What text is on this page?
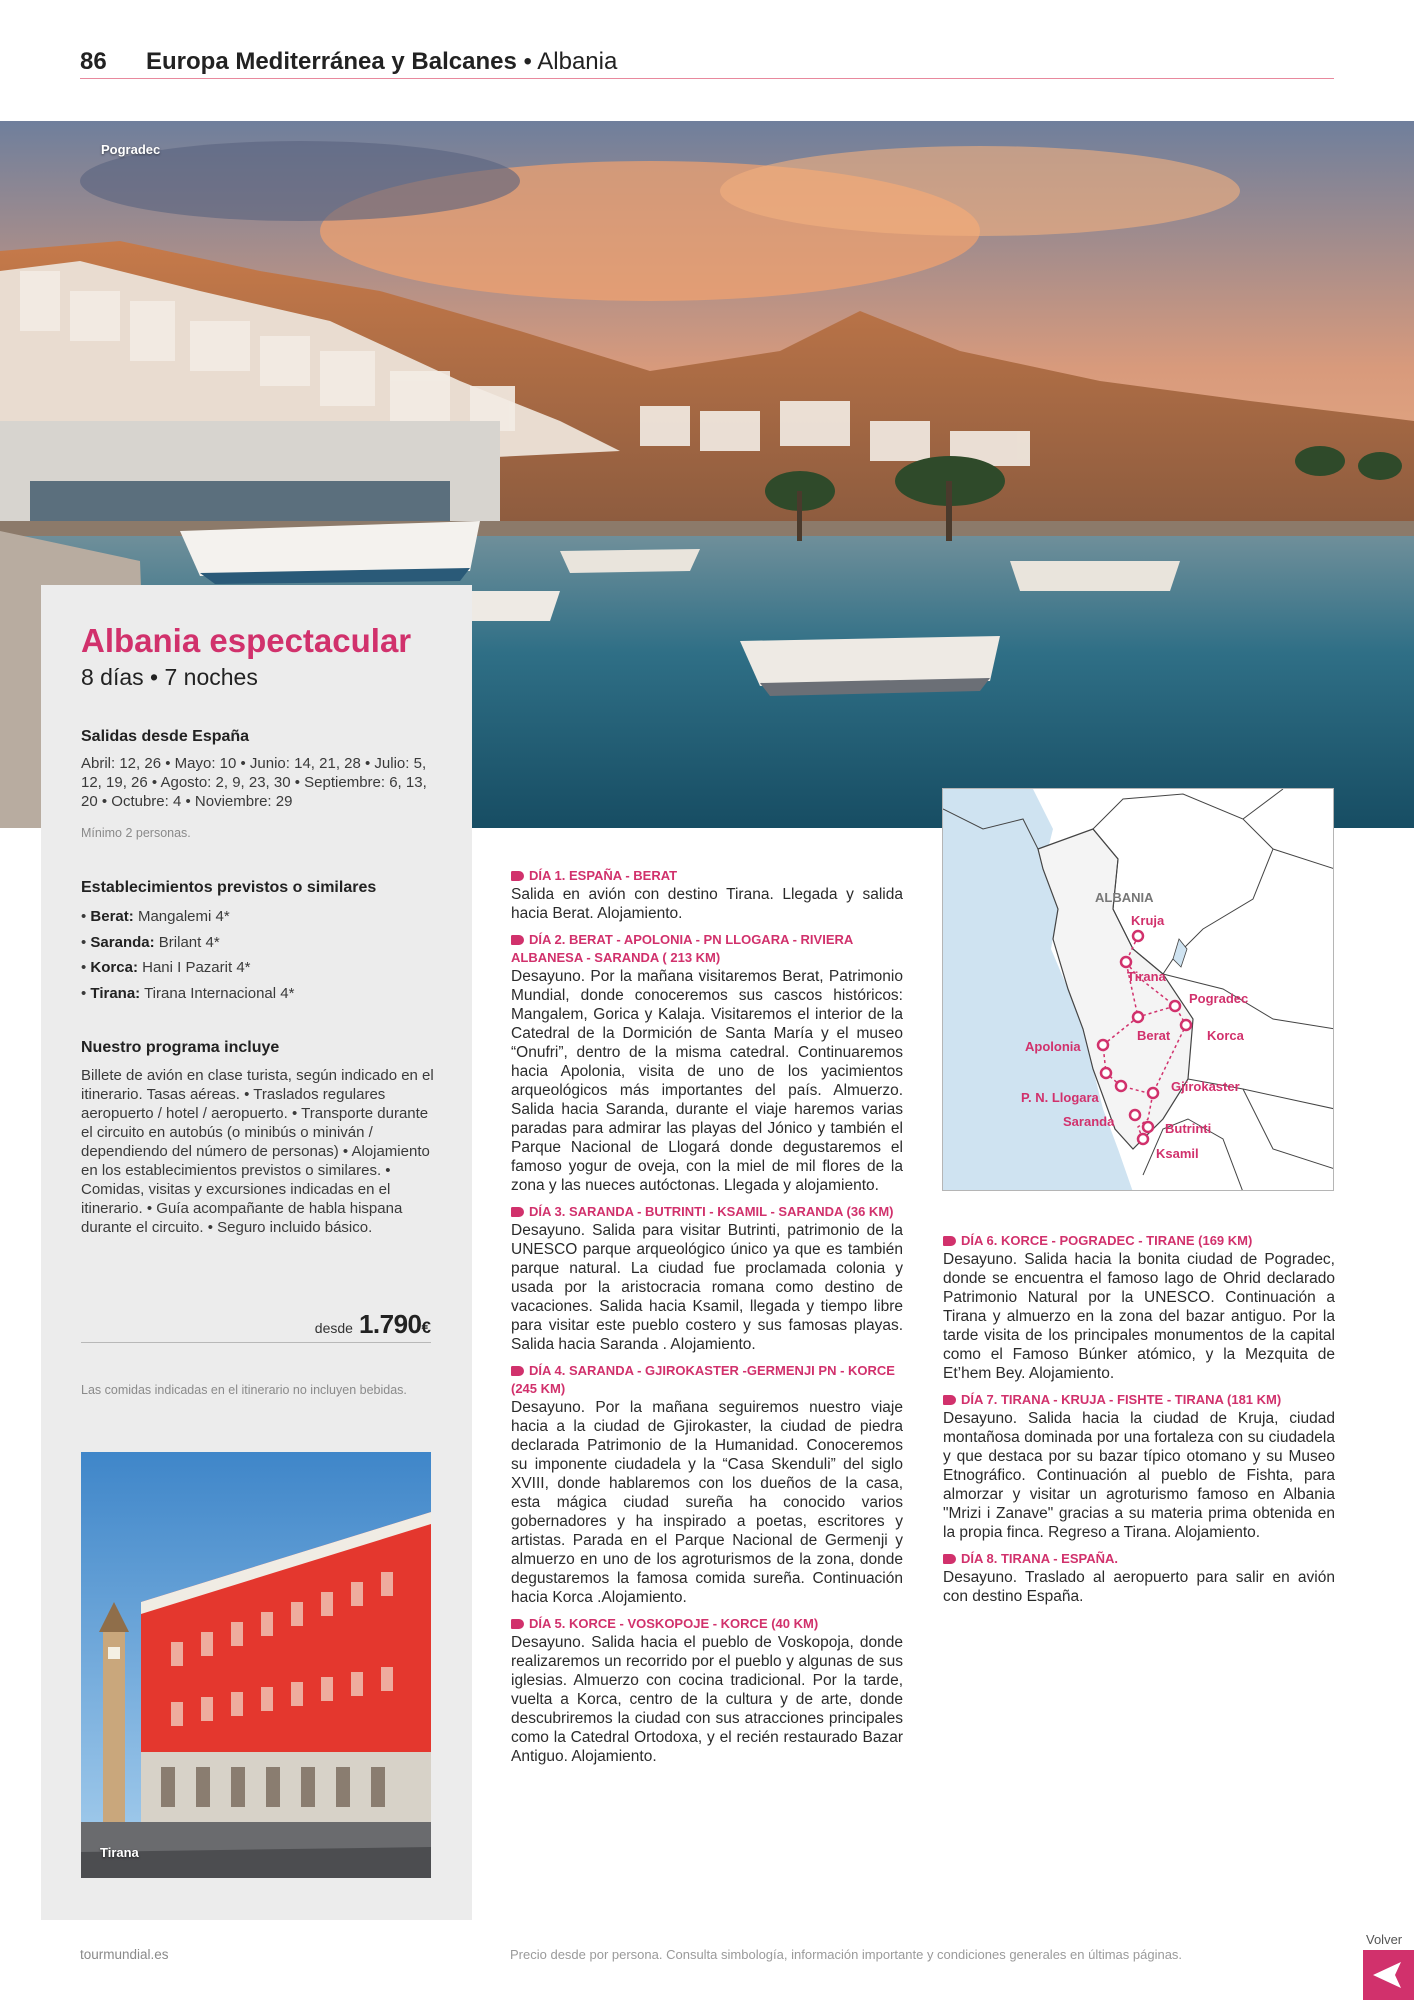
86 Europa Mediterránea y Balcanes • Albania
Pogradec
Albania espectacular
8 días • 7 noches
Salidas desde España
Abril: 12, 26 • Mayo: 10 • Junio: 14, 21, 28 • Julio: 5, 12, 19, 26 • Agosto: 2, 9, 23, 30 • Septiembre: 6, 13, 20 • Octubre: 4 • Noviembre: 29
Mínimo 2 personas.
Establecimientos previstos o similares
• Berat: Mangalemi 4*
• Saranda: Brilant 4*
• Korca: Hani I Pazarit 4*
• Tirana: Tirana Internacional 4*
Nuestro programa incluye
Billete de avión en clase turista, según indicado en el itinerario. Tasas aéreas. • Traslados regulares aeropuerto / hotel / aeropuerto. • Transporte durante el circuito en autobús (o minibús o miniván / dependiendo del número de personas) • Alojamiento en los establecimientos previstos o similares. • Comidas, visitas y excursiones indicadas en el itinerario. • Guía acompañante de habla hispana durante el circuito. • Seguro incluido básico.
desde 1.790€
Las comidas indicadas en el itinerario no incluyen bebidas.
Tirana
ALBANIA
Kruja
Tirana
Pogradec
Apolonia
Berat	Korca
Gjirokaster
P. N. Llogara
Saranda	Butrinti
Ksamil
DÍA 1. ESPAÑA - BERAT
Salida en avión con destino Tirana. Llegada y salida hacia Berat. Alojamiento.
DÍA 2. BERAT - APOLONIA - PN LLOGARA - RIVIERA ALBANESA - SARANDA ( 213 KM)
Desayuno. Por la mañana visitaremos Berat, Patrimonio Mundial, donde conoceremos sus cascos históricos: Mangalem, Gorica y Kalaja. Visitaremos el interior de la Catedral de la Dormición de Santa María y el museo “Onufri”, dentro de la misma catedral. Continuaremos hacia Apolonia, visita de uno de los yacimientos arqueológicos más importantes del país. Almuerzo. Salida hacia Saranda, durante el viaje haremos varias paradas para admirar las playas del Jónico y también el Parque Nacional de Llogará donde degustaremos el famoso yogur de oveja, con la miel de mil flores de la zona y las nueces autóctonas. Llegada y alojamiento.
DÍA 3. SARANDA - BUTRINTI - KSAMIL - SARANDA (36 KM)
Desayuno. Salida para visitar Butrinti, patrimonio de la UNESCO parque arqueológico único ya que es también parque natural. La ciudad fue proclamada colonia y usada por la aristocracia romana como destino de vacaciones. Salida hacia Ksamil, llegada y tiempo libre para visitar este pueblo costero y sus famosas playas. Salida hacia Saranda . Alojamiento.
DÍA 4. SARANDA - GJIROKASTER -GERMENJI PN - KORCE (245 KM)
Desayuno. Por la mañana seguiremos nuestro viaje hacia a la ciudad de Gjirokaster, la ciudad de piedra declarada Patrimonio de la Humanidad. Conoceremos su imponente ciudadela y la “Casa Skenduli” del siglo XVIII, donde hablaremos con los dueños de la casa, esta mágica ciudad sureña ha conocido varios gobernadores y ha inspirado a poetas, escritores y artistas. Parada en el Parque Nacional de Germenji y almuerzo en uno de los agroturismos de la zona, donde degustaremos la famosa comida sureña. Continuación hacia Korca .Alojamiento.
DÍA 5. KORCE - VOSKOPOJE - KORCE (40 KM)
Desayuno. Salida hacia el pueblo de Voskopoja, donde realizaremos un recorrido por el pueblo y algunas de sus iglesias. Almuerzo con cocina tradicional. Por la tarde, vuelta a Korca, centro de la cultura y de arte, donde descubriremos la ciudad con sus atracciones principales como la Catedral Ortodoxa, y el recién restaurado Bazar Antiguo. Alojamiento.
DÍA 6. KORCE - POGRADEC - TIRANE (169 KM)
Desayuno. Salida hacia la bonita ciudad de Pogradec, donde se encuentra el famoso lago de Ohrid declarado Patrimonio Natural por la UNESCO. Continuación a Tirana y almuerzo en la zona del bazar antiguo. Por la tarde visita de los principales monumentos de la capital como el Famoso Búnker atómico, y la Mezquita de Et’hem Bey. Alojamiento.
DÍA 7. TIRANA - KRUJA - FISHTE - TIRANA (181 KM)
Desayuno. Salida hacia la ciudad de Kruja, ciudad montañosa dominada por una fortaleza con su ciudadela y que destaca por su bazar típico otomano y su Museo Etnográfico. Continuación al pueblo de Fishta, para almorzar y visitar un agroturismo famoso en Albania "Mrizi i Zanave" gracias a su materia prima obtenida en la propia finca. Regreso a Tirana. Alojamiento.
DÍA 8. TIRANA - ESPAÑA.
Desayuno. Traslado al aeropuerto para salir en avión con destino España.
tourmundial.es	Precio desde por persona. Consulta simbología, información importante y condiciones generales en últimas páginas.
Volver
